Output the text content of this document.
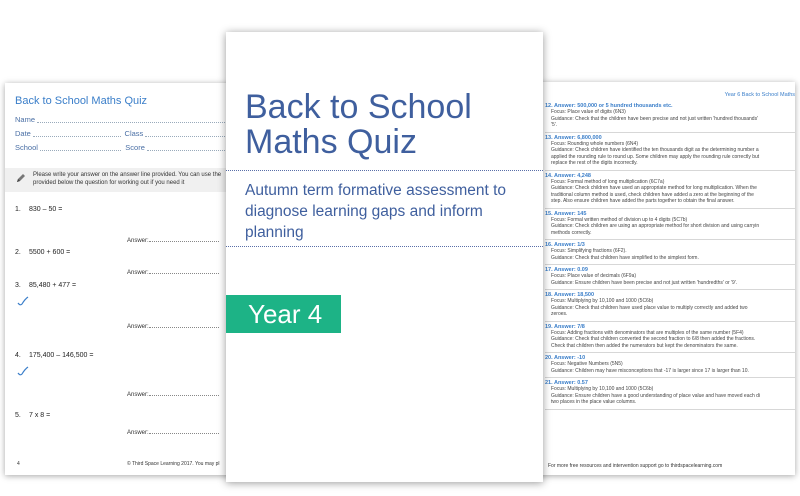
Back to School Maths Quiz
Name
Date	Class
School	Score
Please write your answer on the answer line provided. You can use the provided below the question for working out if you need it
1. 830 – 50 =
Answer:
2. 5500 + 600 =
Answer:
3. 85,480 + 477 =
Answer:
4. 175,400 – 146,500 =
Answer:
5. 7 x 8 =
Answer:
4	© Third Space Learning 2017. You may pl
Year 6 Back to School Maths
12. Answer: 500,000 or 5 hundred thousands etc.
Focus: Place value of digits (6N3)
Guidance: Check that the children have been precise and not just written 'hundred thousands'
'5'.
13. Answer: 6,800,000
Focus: Rounding whole numbers (6N4)
Guidance: Check children have identified the ten thousands digit as the determining number a
applied the rounding rule to round up. Some children may apply the rounding rule correctly but
replace the rest of the digits incorrectly.
14. Answer: 4,248
Focus: Formal method of long multiplication (6C7a)
Guidance: Check children have used an appropriate method for long multiplication. When the
traditional column method is used, check children have added a zero at the beginning of the
step. Also ensure children have added the parts together to obtain the final answer.
15. Answer: 145
Focus: Formal written method of division up to 4 digits (5C7b)
Guidance: Check children are using an appropriate method for short division and using carryin
methods correctly.
16. Answer: 1/3
Focus: Simplifying fractions (6F2).
Guidance: Check that children have simplified to the simplest form.
17. Answer: 0.09
Focus: Place value of decimals (6F9a)
Guidance: Ensure children have been precise and not just written 'hundredths' or '9'.
18. Answer: 18,500
Focus: Multiplying by 10,100 and 1000 (5C6b)
Guidance: Check that children have used place value to multiply correctly and added two
zeroes.
19. Answer: 7/8
Focus: Adding fractions with denominators that are multiples of the same number (5F4)
Guidance: Check that children converted the second fraction to 6/8 then added the fractions.
Check that children then added the numerators but kept the denominators the same.
20. Answer: -10
Focus: Negative Numbers (5N5)
Guidance: Children may have misconceptions that -17 is larger since 17 is larger than 10.
21. Answer: 0.57
Focus: Multiplying by 10,100 and 1000 (5C6b)
Guidance: Ensure children have a good understanding of place value and have moved each di
two places in the place value columns.
For more free resources and intervention support go to thirdspacelearning.com
Back to School
Maths Quiz
Autumn term formative assessment to diagnose learning gaps and inform planning
Year 4
